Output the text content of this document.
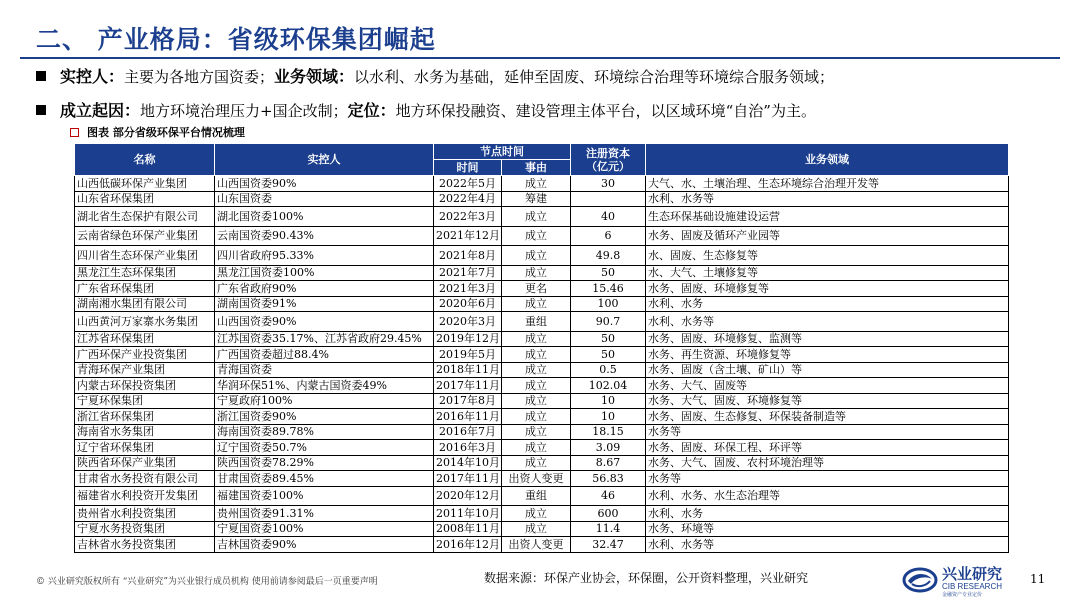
二、 产业格局：省级环保集团崛起
实控人：主要为各地方国资委；业务领域：以水利、水务为基础，延伸至固废、环境综合治理等环境综合服务领域；
成立起因：地方环境治理压力+国企改制；定位：地方环保投融资、建设管理主体平台，以区域环境“自治”为主。
图表 部分省级环保平台情况梳理
名称	实控人	节点时间		注册资本（亿元）	业务领域
		时间	事由		
山西低碳环保产业集团	山西国资委90%	2022年5月	成立	30	大气、水、土壤治理、生态环境综合治理开发等
山东省环保集团	山东国资委	2022年4月	筹建		水利、水务等
湖北省生态保护有限公司	湖北国资委100%	2022年3月	成立	40	生态环保基础设施建设运营
云南省绿色环保产业集团	云南国资委90.43%	2021年12月	成立	6	水务、固废及循环产业园等
四川省生态环保产业集团	四川省政府95.33%	2021年8月	成立	49.8	水、固废、生态修复等
黑龙江生态环保集团	黑龙江国资委100%	2021年7月	成立	50	水、大气、土壤修复等
广东省环保集团	广东省政府90%	2021年3月	更名	15.46	水务、固废、环境修复等
湖南湘水集团有限公司	湖南国资委91%	2020年6月	成立	100	水利、水务
山西黄河万家寨水务集团	山西国资委90%	2020年3月	重组	90.7	水利、水务等
江苏省环保集团	江苏国资委35.17%、江苏省政府29.45%	2019年12月	成立	50	水务、固废、环境修复、监测等
广西环保产业投资集团	广西国资委超过88.4%	2019年5月	成立	50	水务、再生资源、环境修复等
青海环保产业集团	青海国资委	2018年11月	成立	0.5	水务、固废（含土壤、矿山）等
内蒙古环保投资集团	华润环保51%、内蒙古国资委49%	2017年11月	成立	102.04	水务、大气、固废等
宁夏环保集团	宁夏政府100%	2017年8月	成立	10	水务、大气、固废、环境修复等
浙江省环保集团	浙江国资委90%	2016年11月	成立	10	水务、固废、生态修复、环保装备制造等
海南省水务集团	海南国资委89.78%	2016年7月	成立	18.15	水务等
辽宁省环保集团	辽宁国资委50.7%	2016年3月	成立	3.09	水务、固废、环保工程、环评等
陕西省环保产业集团	陕西国资委78.29%	2014年10月	成立	8.67	水务、大气、固废、农村环境治理等
甘肃省水务投资有限公司	甘肃国资委89.45%	2017年11月	出资人变更	56.83	水务等
福建省水利投资开发集团	福建国资委100%	2020年12月	重组	46	水利、水务、水生态治理等
贵州省水利投资集团	贵州国资委91.31%	2011年10月	成立	600	水利、水务
宁夏水务投资集团	宁夏国资委100%	2008年11月	成立	11.4	水务、环境等
吉林省水务投资集团	吉林国资委90%	2016年12月	出资人变更	32.47	水利、水务等
© 兴业研究版权所有 “兴业研究”为兴业银行成员机构 使用前请参阅最后一页重要声明	数据来源：环保产业协会，环保圈，公开资料整理，兴业研究	兴业研究
CIB RESEARCH
金融资产专业定价
11
